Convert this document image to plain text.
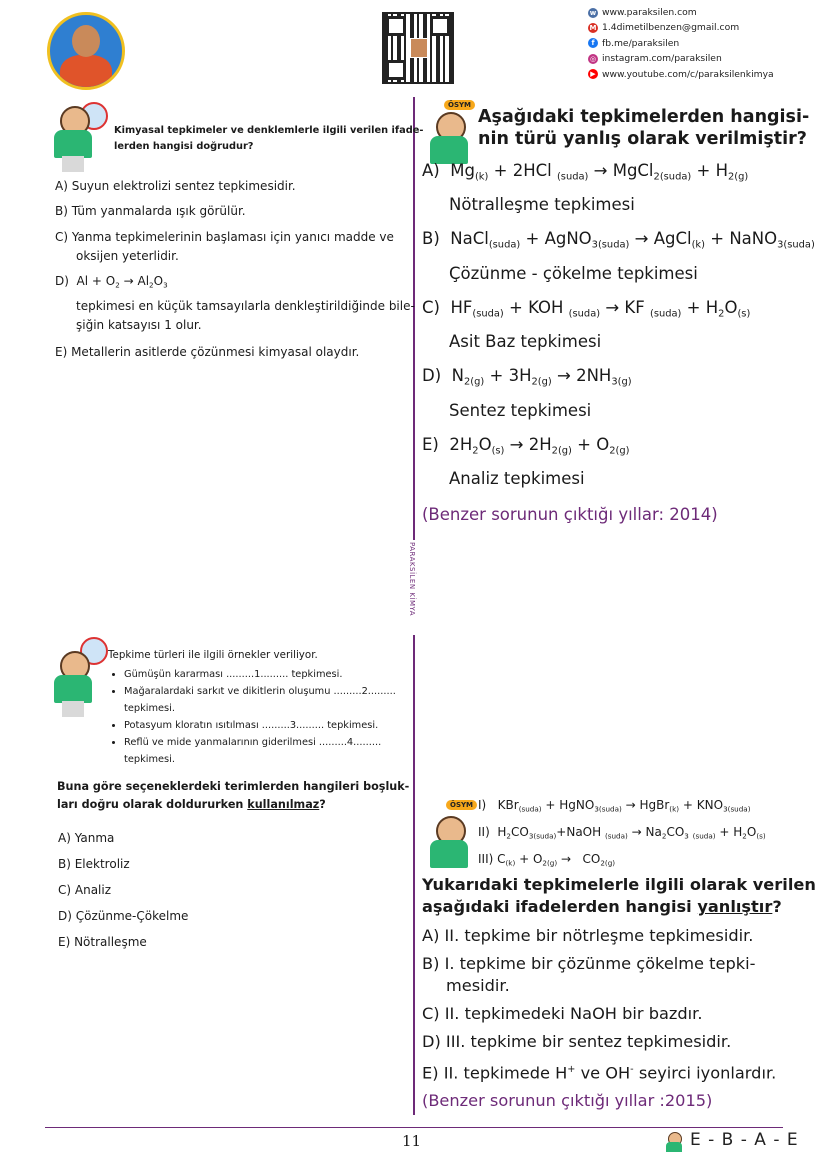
w www.paraksilen.com
M 1.4dimetilbenzen@gmail.com
f fb.me/paraksilen
◎ instagram.com/paraksilen
▶ www.youtube.com/c/paraksilenkimya
PARAKSİLEN KİMYA
Kimyasal tepkimeler ve denklemlerle ilgili verilen ifade-
lerden hangisi doğrudur?
A) Suyun elektrolizi sentez tepkimesidir.
B) Tüm yanmalarda ışık görülür.
C) Yanma tepkimelerinin başlaması için yanıcı madde ve
oksijen yeterlidir.
D)  $Al + O_2 \to Al_2O_3$
tepkimesi en küçük tamsayılarla denkleştirildiğinde bile-
şiğin katsayısı 1 olur.
E) Metallerin asitlerde çözünmesi kimyasal olaydır.
ÖSYM
Aşağıdaki tepkimelerden hangisi-
nin türü yanlış olarak verilmiştir?
A)  $Mg_{(k)} + 2HCl$ $_{(suda)}$ → MgCl$_{2(suda)}$ + $H_{2(g)}$
Nötralleşme tepkimesi
B)  NaCl$_{(suda)}$ + AgNO$_{3(suda)}$ → AgCl$_{(k)}$ + NaNO$_{3(suda)}$
Çözünme - çökelme tepkimesi
C)  $HF_{(suda)}$ + KOH $_{(suda)}$ → KF $_{(suda)} + H_2O_{(s)}$
Asit Baz tepkimesi
D)  $N_{2(g)} + 3H_{2(g)} \to 2NH_{3(g)}$
Sentez tepkimesi
E)  $2H_2O_{(s)} \to 2H_{2(g)} + O_{2(g)}$
Analiz tepkimesi
(Benzer sorunun çıktığı yıllar: 2014)
Tepkime türleri ile ilgili örnekler veriliyor.
• Gümüşün kararması .........1......... tepkimesi.
• Mağaralardaki sarkıt ve dikitlerin oluşumu .........2.........
tepkimesi.
• Potasyum kloratın ısıtılması .........3......... tepkimesi.
• Reflü ve mide yanmalarının giderilmesi .........4.........
tepkimesi.
Buna göre seçeneklerdeki terimlerden hangileri boşluk-
ları doğru olarak doldururken kullanılmaz?
A) Yanma
B) Elektroliz
C) Analiz
D) Çözünme-Çökelme
E) Nötralleşme
ÖSYM I)   KBr$_{(suda)}$ + HgNO$_{3(suda)}$ → HgBr$_{(k)}$ + $KNO_{3(suda)}$
II)  $H_2CO_{3(suda)}+NaOH$ $_{(suda)} \to Na_2CO_3$ $_{(suda)} + H_2O_{(s)}$
III) $C_{(k)} + O_{2(g)} \to CO_{2(g)}$
Yukarıdaki tepkimelerle ilgili olarak verilen
aşağıdaki ifadelerden hangisi yanlıştır?
A) II. tepkime bir nötrleşme tepkimesidir.
B) I. tepkime bir çözünme çökelme tepki-
mesidir.
C) II. tepkimedeki NaOH bir bazdır.
D) III. tepkime bir sentez tepkimesidir.
E) II. tepkimede H+ ve OH- seyirci iyonlardır.
(Benzer sorunun çıktığı yıllar :2015)
11	E - B - A - E
